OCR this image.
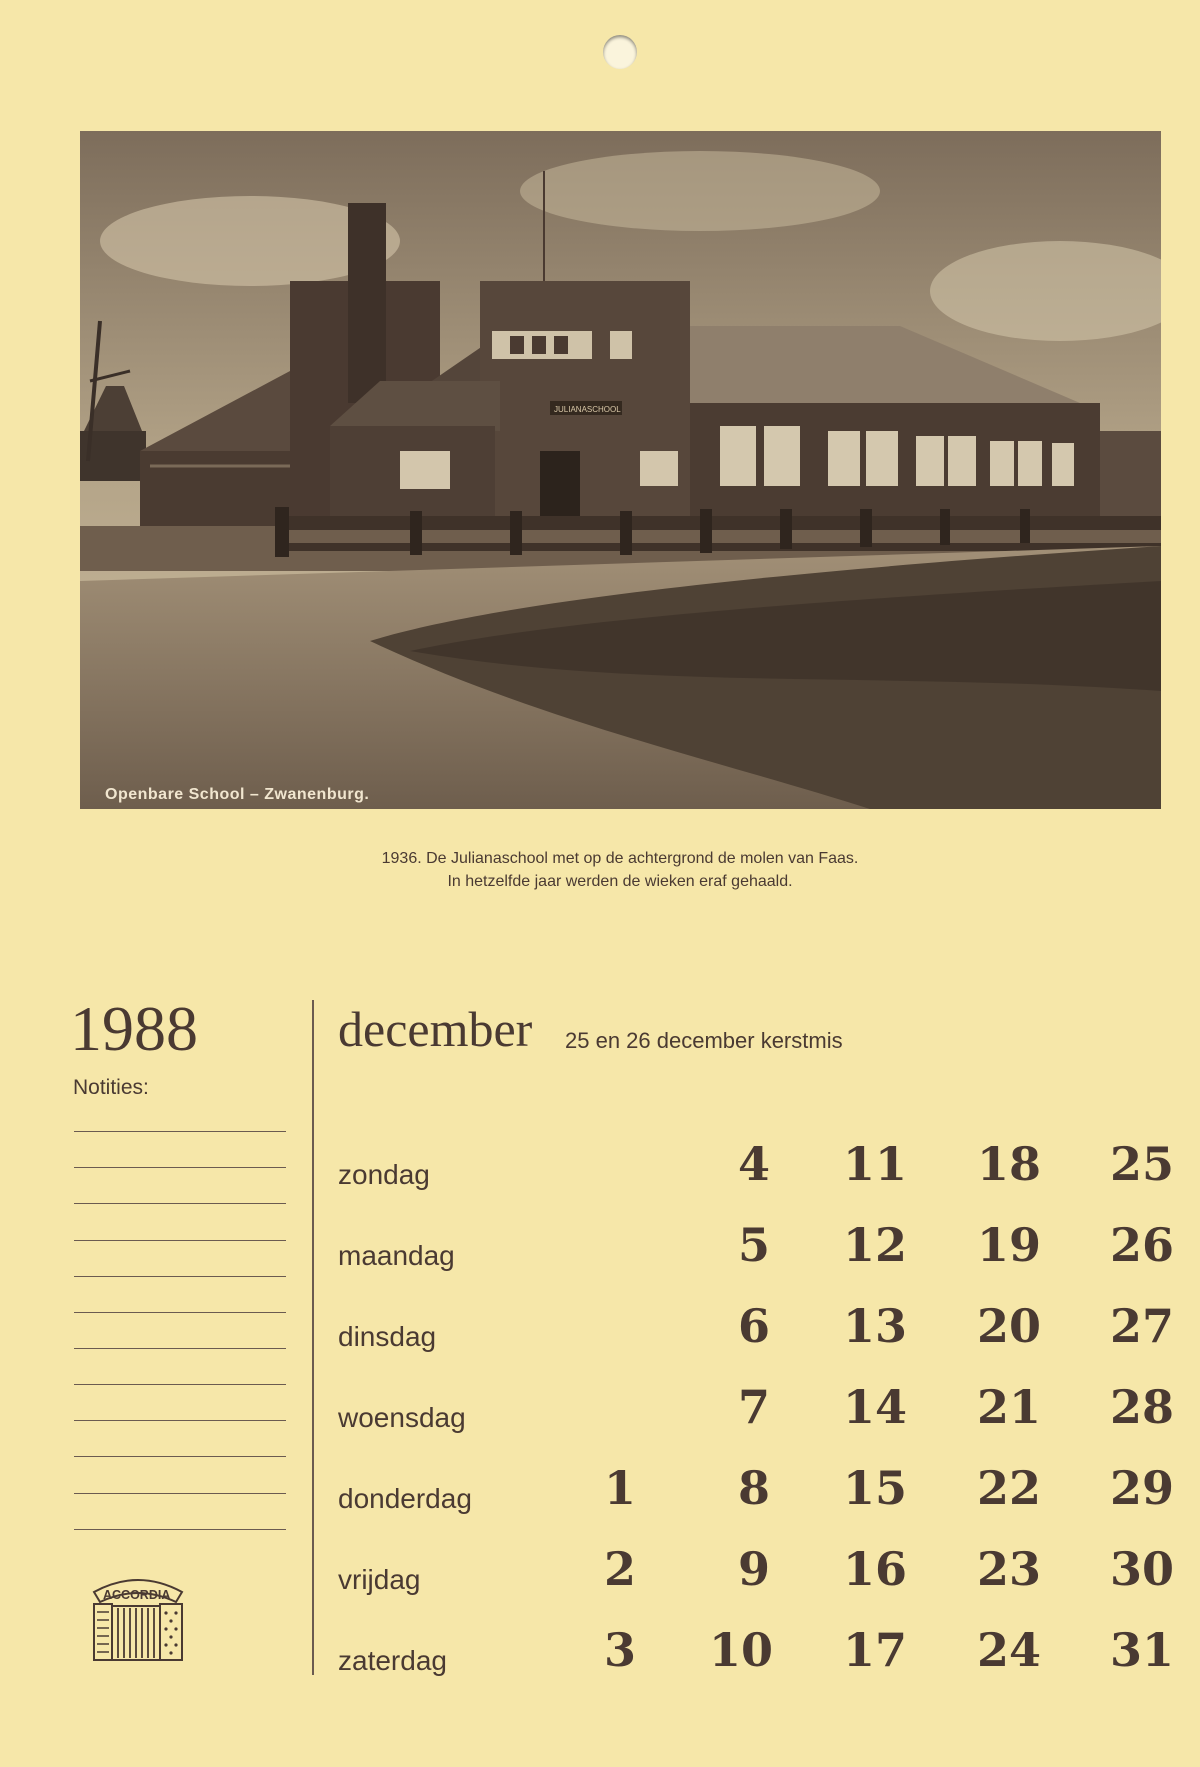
JULIANASCHOOL
Openbare School – Zwanenburg.
1936. De Julianaschool met op de achtergrond de molen van Faas.
In hetzelfde jaar werden de wieken eraf gehaald.
1988
Notities:
ACCORDIA
december 25 en 26 december kerstmis
zondag
maandag
dinsdag
woensdag
donderdag
vrijdag
zaterdag
1
2
3
4
5
6
7
8
9
10
11
12
13
14
15
16
17
18
19
20
21
22
23
24
25
26
27
28
29
30
31
